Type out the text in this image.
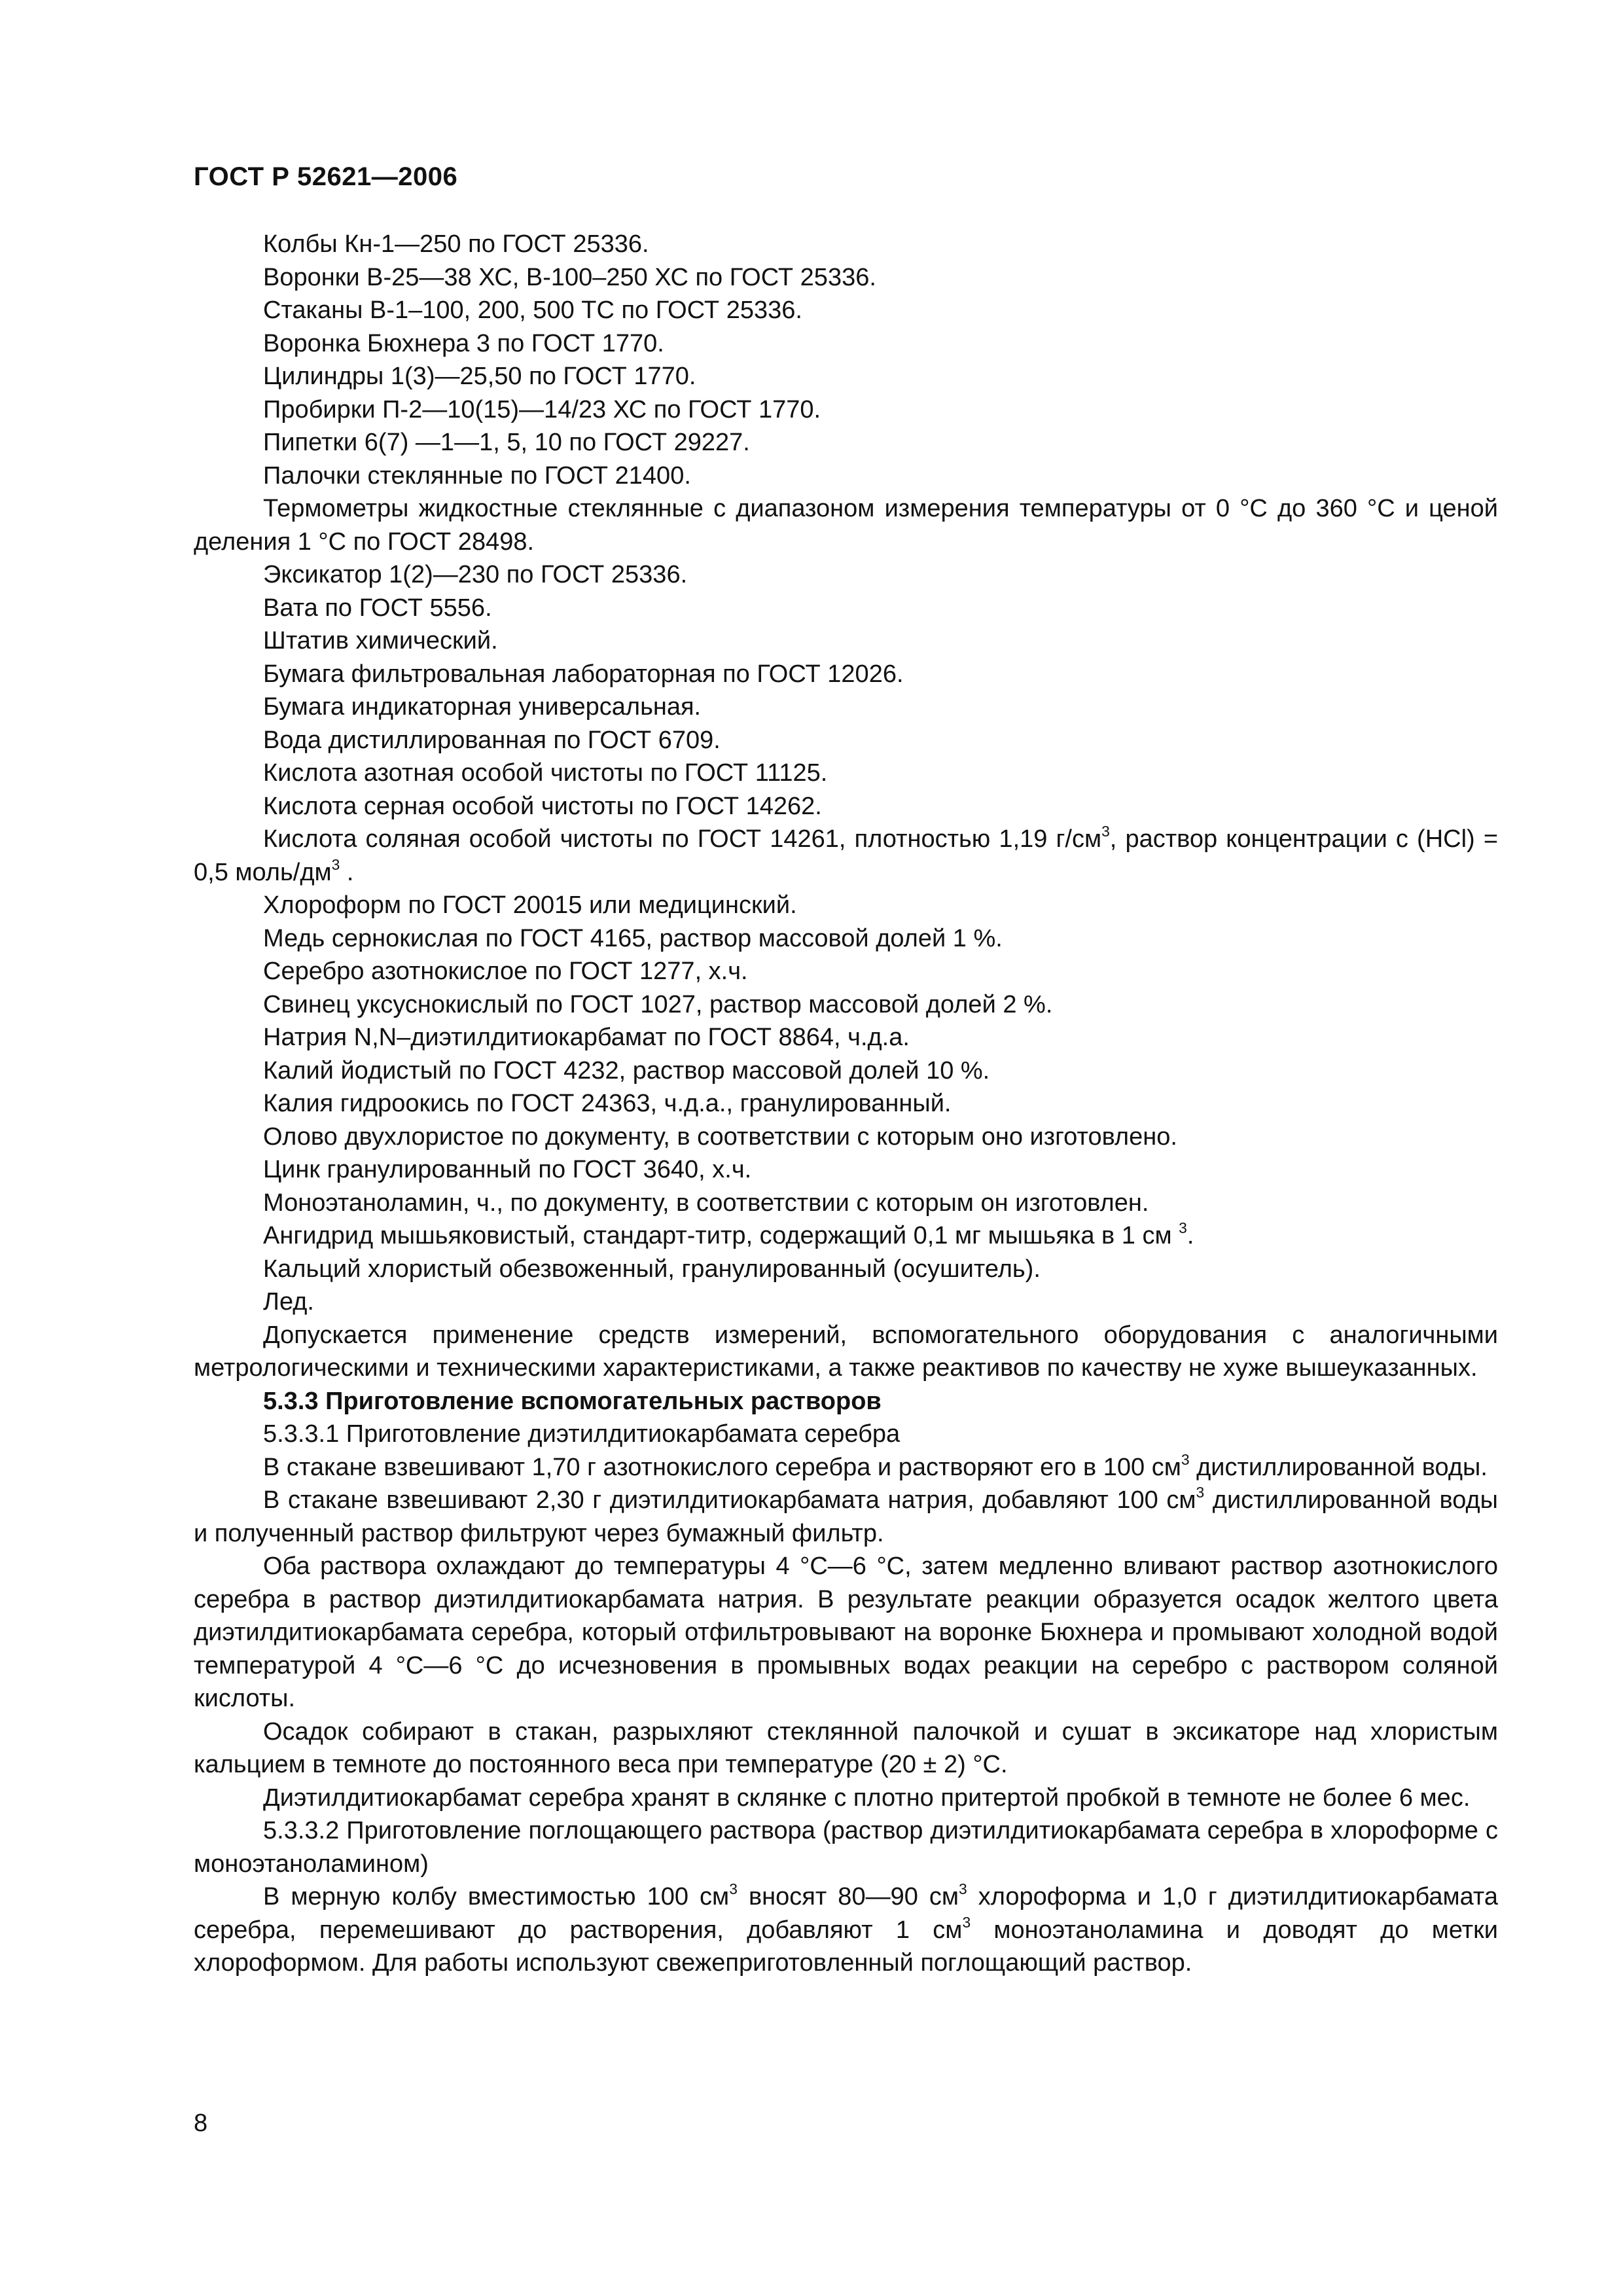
ГОСТ Р 52621—2006

Колбы Кн-1—250 по ГОСТ 25336.

Воронки В-25—38 ХС, В-100–250 ХС по ГОСТ 25336.

Стаканы В-1–100, 200, 500 ТС по ГОСТ 25336.

Воронка Бюхнера 3 по ГОСТ 1770.

Цилиндры 1(3)—25,50 по ГОСТ 1770.

Пробирки П-2—10(15)—14/23 ХС по ГОСТ 1770.

Пипетки 6(7) —1—1, 5, 10 по ГОСТ 29227.

Палочки стеклянные по ГОСТ 21400.

Термометры жидкостные стеклянные с диапазоном измерения температуры от 0 °С до 360 °С и ценой деления 1 °С по ГОСТ 28498.

Эксикатор 1(2)—230 по ГОСТ 25336.

Вата по ГОСТ 5556.

Штатив химический.

Бумага фильтровальная лабораторная по ГОСТ 12026.

Бумага индикаторная универсальная.

Вода дистиллированная по ГОСТ 6709.

Кислота азотная особой чистоты по ГОСТ 11125.

Кислота серная особой чистоты по ГОСТ 14262.

Кислота соляная особой чистоты по ГОСТ 14261, плотностью 1,19 $г/см^3$, раствор концентрации с (HCl) = 0,5 моль/$дм^3$ .

Хлороформ по ГОСТ 20015 или медицинский.

Медь сернокислая по ГОСТ 4165, раствор массовой долей 1 %.

Серебро азотнокислое по ГОСТ 1277, х.ч.

Свинец уксуснокислый по ГОСТ 1027, раствор массовой долей 2 %.

Натрия N,N–диэтилдитиокарбамат по ГОСТ 8864, ч.д.а.

Калий йодистый по ГОСТ 4232, раствор массовой долей 10 %.

Калия гидроокись по ГОСТ 24363, ч.д.а., гранулированный.

Олово двухлористое по документу, в соответствии с которым оно изготовлено.

Цинк гранулированный по ГОСТ 3640, х.ч.

Моноэтаноламин, ч., по документу, в соответствии с которым он изготовлен.

Ангидрид мышьяковистый, стандарт-титр, содержащий 0,1 мг мышьяка в 1 см $^3$.

Кальций хлористый обезвоженный, гранулированный (осушитель).

Лед.

Допускается применение средств измерений, вспомогательного оборудования с аналогичными метрологическими и техническими характеристиками, а также реактивов по качеству не хуже вышеуказанных.

5.3.3 Приготовление вспомогательных растворов

5.3.3.1 Приготовление диэтилдитиокарбамата серебра

В стакане взвешивают 1,70 г азотнокислого серебра и растворяют его в 100 $см^3$ дистиллированной воды.

В стакане взвешивают 2,30 г диэтилдитиокарбамата натрия, добавляют 100 $см^3$ дистиллированной воды и полученный раствор фильтруют через бумажный фильтр.

Оба раствора охлаждают до температуры 4 °С—6 °С, затем медленно вливают раствор азотнокислого серебра в раствор диэтилдитиокарбамата натрия. В результате реакции образуется осадок желтого цвета диэтилдитиокарбамата серебра, который отфильтровывают на воронке Бюхнера и промывают холодной водой температурой 4 °С—6 °С до исчезновения в промывных водах реакции на серебро с раствором соляной кислоты.

Осадок собирают в стакан, разрыхляют стеклянной палочкой и сушат в эксикаторе над хлористым кальцием в темноте до постоянного веса при температуре (20 ± 2) °С.

Диэтилдитиокарбамат серебра хранят в склянке с плотно притертой пробкой в темноте не более 6 мес.

5.3.3.2 Приготовление поглощающего раствора (раствор диэтилдитиокарбамата серебра в хлороформе с моноэтаноламином)

В мерную колбу вместимостью 100 $см^3$ вносят 80—90 $см^3$ хлороформа и 1,0 г диэтилдитиокарбамата серебра, перемешивают до растворения, добавляют 1 $см^3$ моноэтаноламина и доводят до метки хлороформом. Для работы используют свежеприготовленный поглощающий раствор.

8
